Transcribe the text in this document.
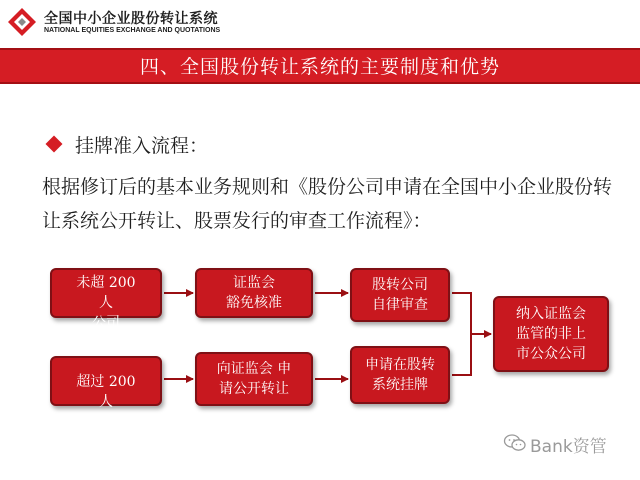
全国中小企业股份转让系统
NATIONAL EQUITIES EXCHANGE AND QUOTATIONS
四、全国股份转让系统的主要制度和优势
挂牌准入流程：
根据修订后的基本业务规则和《股份公司申请在全国中小企业股份转让系统公开转让、股票发行的审查工作流程》：
未超 200
人
公司
证监会
豁免核准
股转公司
自律审查
超过 200
人
向证监会 申
请公开转让
申请在股转
系统挂牌
纳入证监会
监管的非上
市公众公司
Bank资管
